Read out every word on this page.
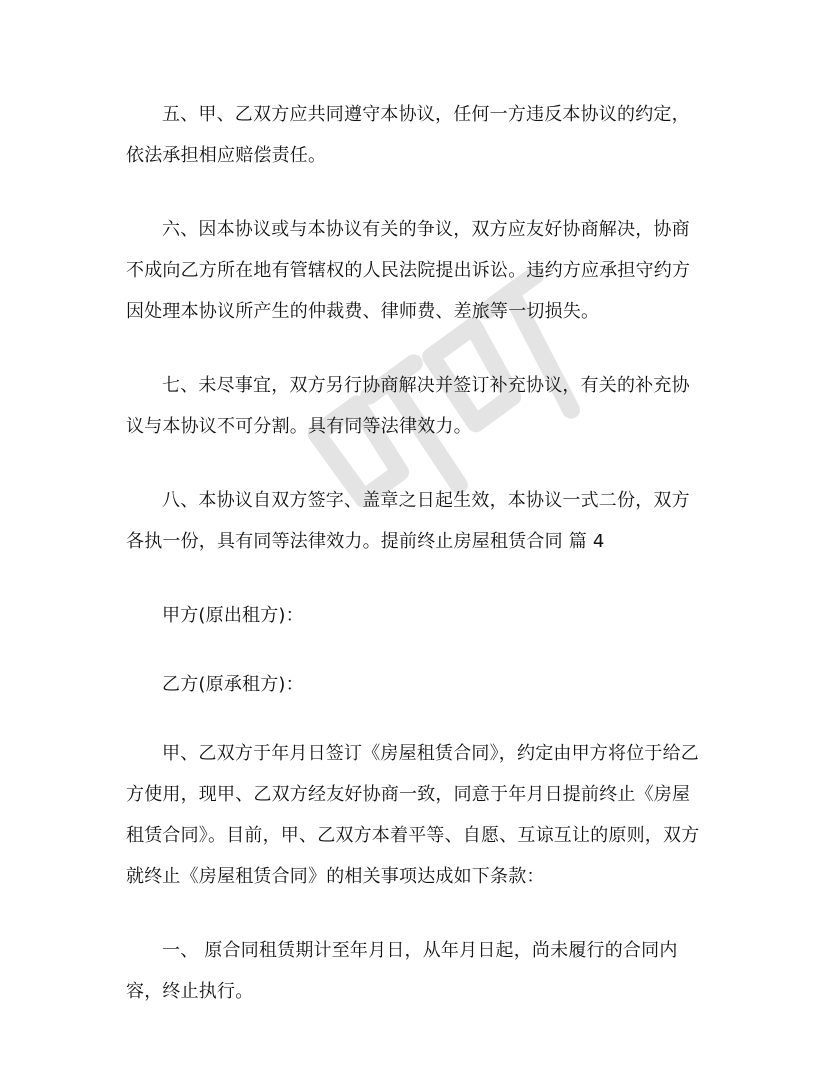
五、甲、乙双方应共同遵守本协议，任何一方违反本协议的约定，依法承担相应赔偿责任。

六、因本协议或与本协议有关的争议，双方应友好协商解决，协商不成向乙方所在地有管辖权的人民法院提出诉讼。违约方应承担守约方因处理本协议所产生的仲裁费、律师费、差旅等一切损失。

七、未尽事宜，双方另行协商解决并签订补充协议，有关的补充协议与本协议不可分割。具有同等法律效力。

八、本协议自双方签字、盖章之日起生效，本协议一式二份，双方各执一份，具有同等法律效力。提前终止房屋租赁合同 篇 4

甲方(原出租方)：

乙方(原承租方)：

甲、乙双方于年月日签订《房屋租赁合同》，约定由甲方将位于给乙方使用，现甲、乙双方经友好协商一致，同意于年月日提前终止《房屋租赁合同》。目前，甲、乙双方本着平等、自愿、互谅互让的原则，双方就终止《房屋租赁合同》的相关事项达成如下条款：

一、 原合同租赁期计至年月日，从年月日起，尚未履行的合同内容，终止执行。
